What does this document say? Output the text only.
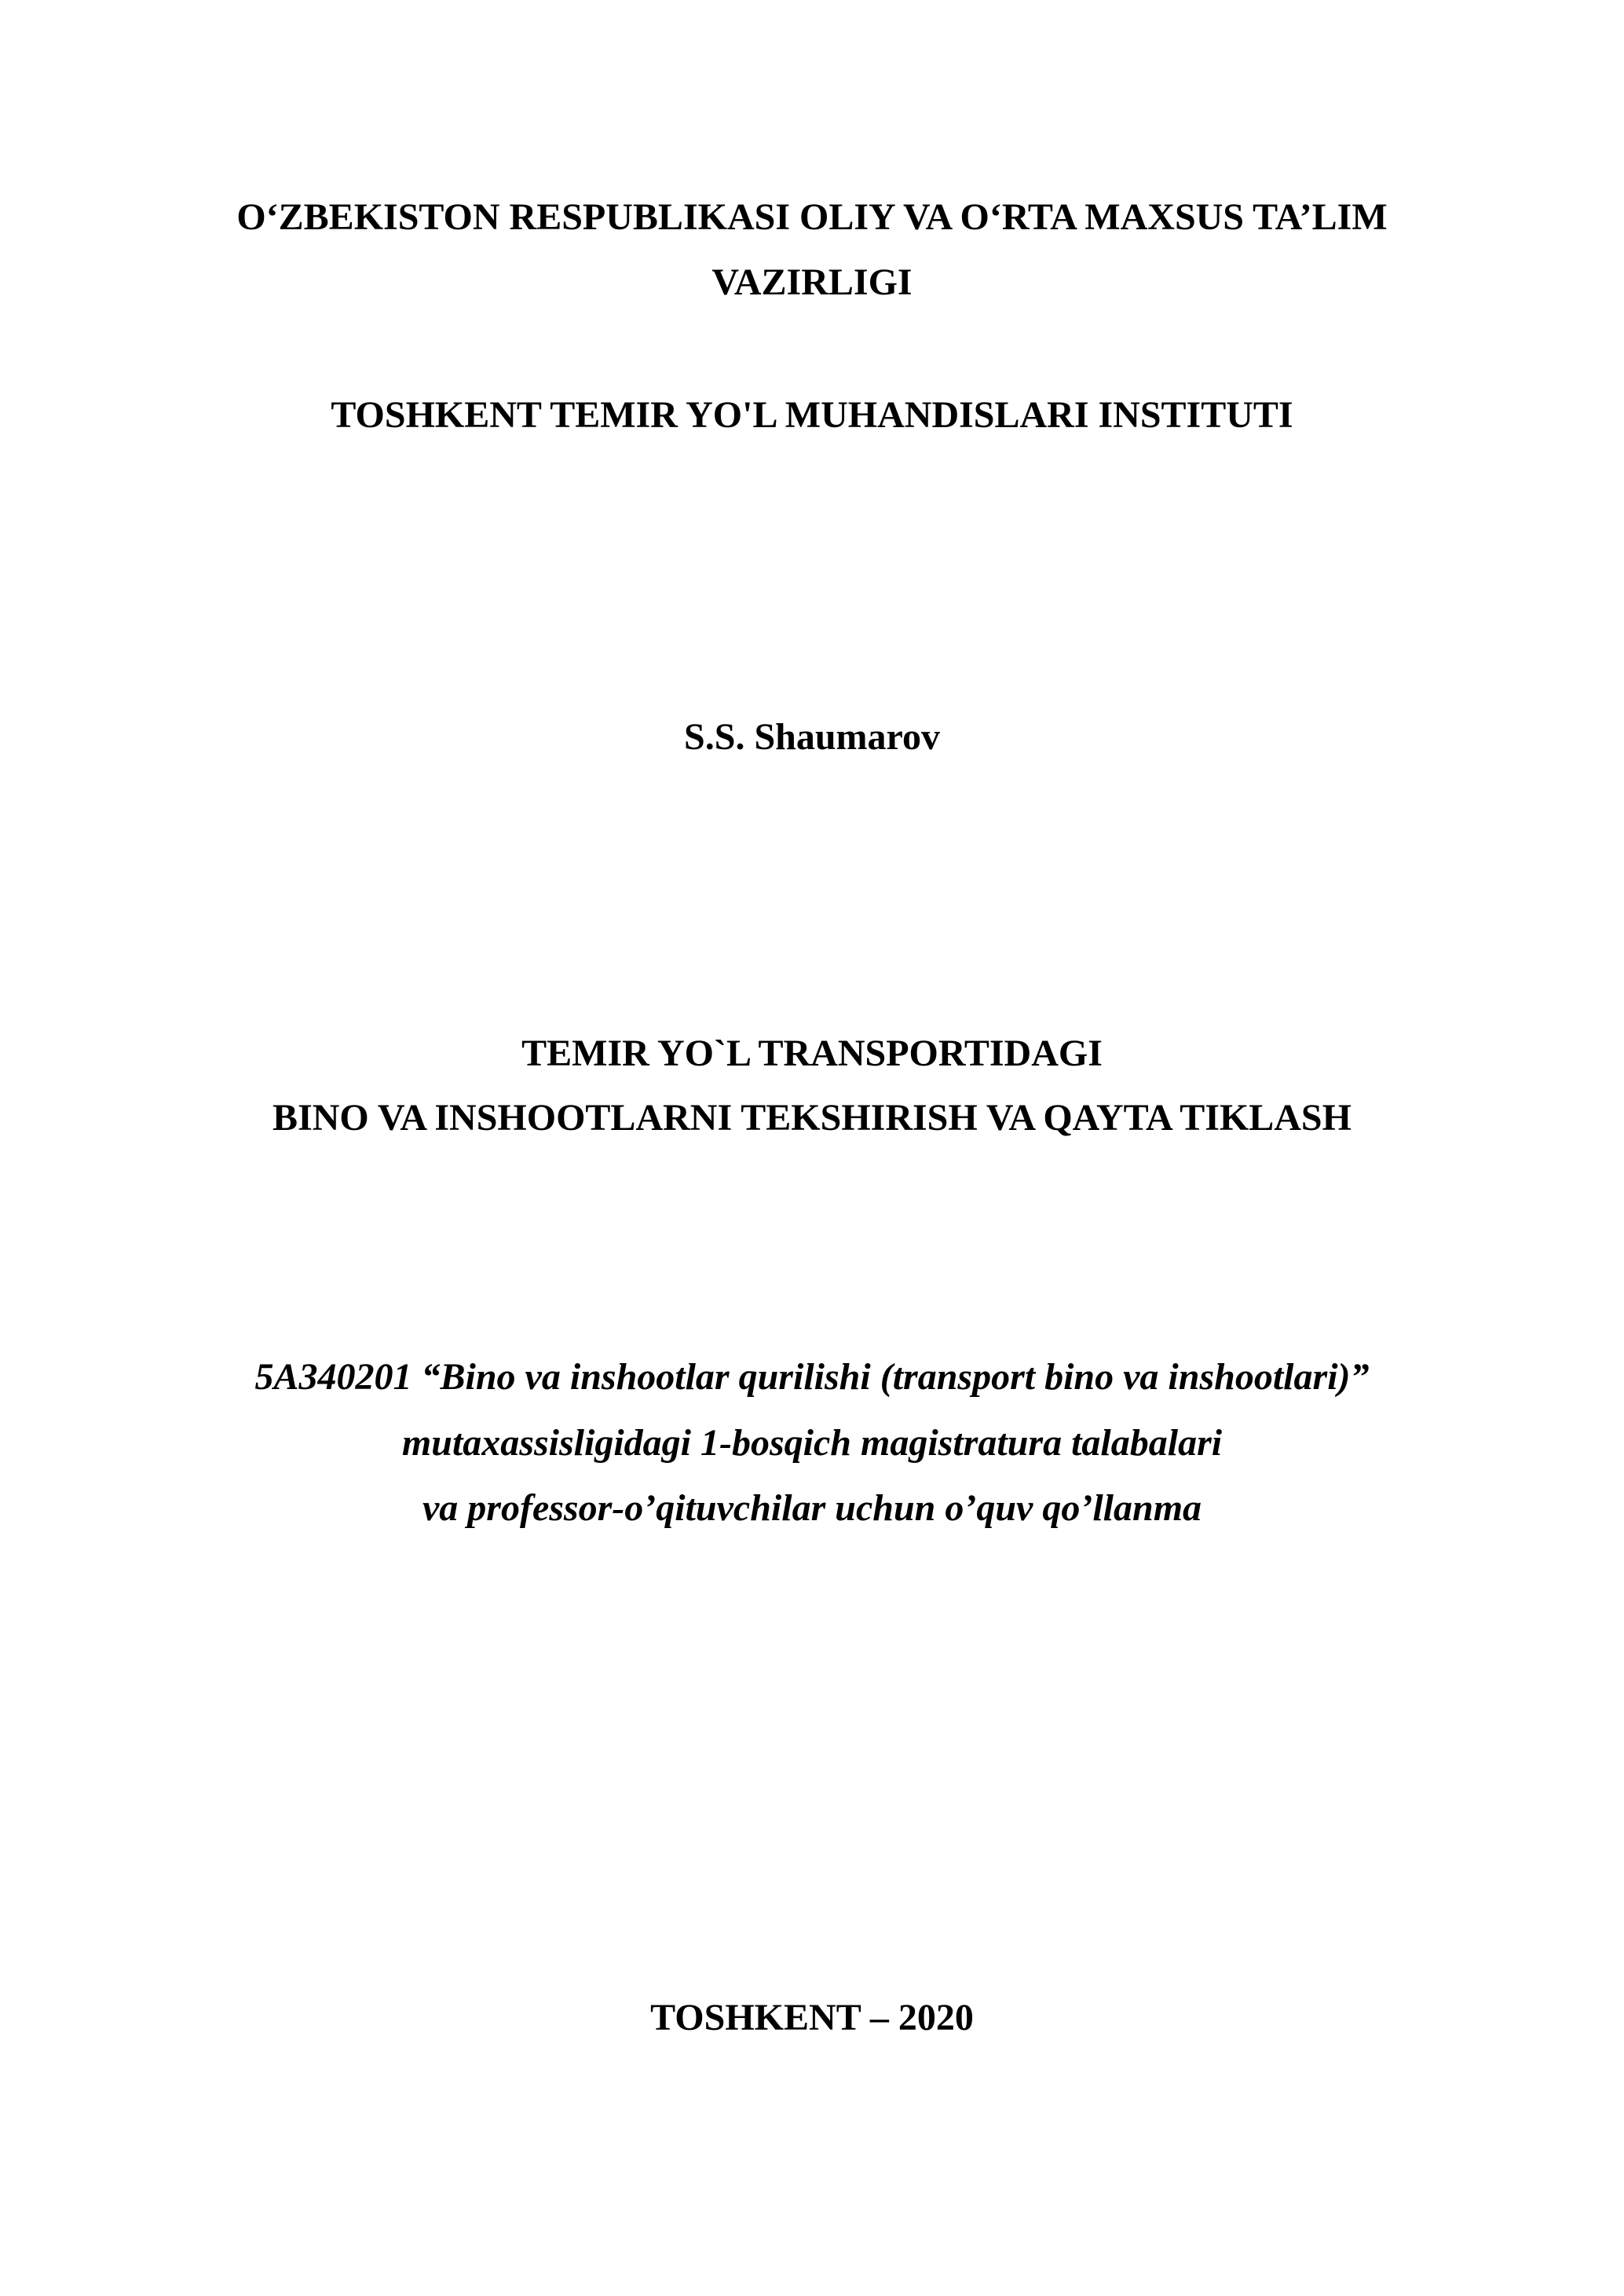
O‘ZBEKISTON RESPUBLIKASI OLIY VA O‘RTA MAXSUS TA’LIM
VAZIRLIGI
TOSHKENT TEMIR YO'L MUHANDISLARI INSTITUTI
S.S. Shaumarov
TEMIR YO`L TRANSPORTIDAGI
BINO VA INSHOOTLARNI TEKSHIRISH VA QAYTA TIKLASH
5A340201 “Bino va inshootlar qurilishi (transport bino va inshootlari)”
mutaxassisligidagi 1-bosqich magistratura talabalari
va professor-o’qituvchilar uchun o’quv qo’llanma
TOSHKENT – 2020
